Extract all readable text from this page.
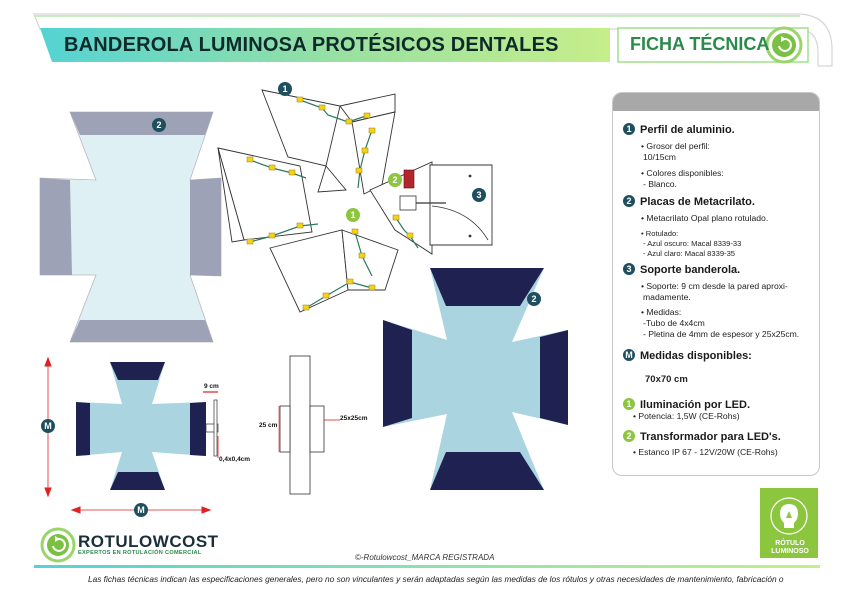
BANDEROLA LUMINOSA PROTÉSICOS DENTALES	FICHA TÉCNICA
1
2
2
1
3
2
M
M
9 cm
0,4x0,4cm
25 cm
25x25cm
1 Perfil de aluminio.
• Grosor del perfil:
10/15cm
• Colores disponibles:
- Blanco.
2 Placas de Metacrilato.
• Metacrilato Opal plano rotulado.
• Rotulado:
- Azul oscuro: Macal 8339-33
- Azul claro: Macal 8339-35
3 Soporte banderola.
• Soporte: 9 cm desde la pared aproxi-
madamente.
• Medidas:
-Tubo de 4x4cm
- Pletina de 4mm de espesor y 25x25cm.
M Medidas disponibles:
70x70 cm
1 Iluminación por LED.
• Potencia: 1,5W (CE-Rohs)
2 Transformador para LED's.
• Estanco IP 67 - 12V/20W (CE-Rohs)
ROTULOWCOST
EXPERTOS EN ROTULACIÓN COMERCIAL	©-Rotulowcost_MARCA REGISTRADA
Las fichas técnicas indican las especificaciones generales, pero no son vinculantes y serán adaptadas según las medidas de los rótulos y otras necesidades de mantenimiento, fabricación o
RÓTULO LUMINOSO
